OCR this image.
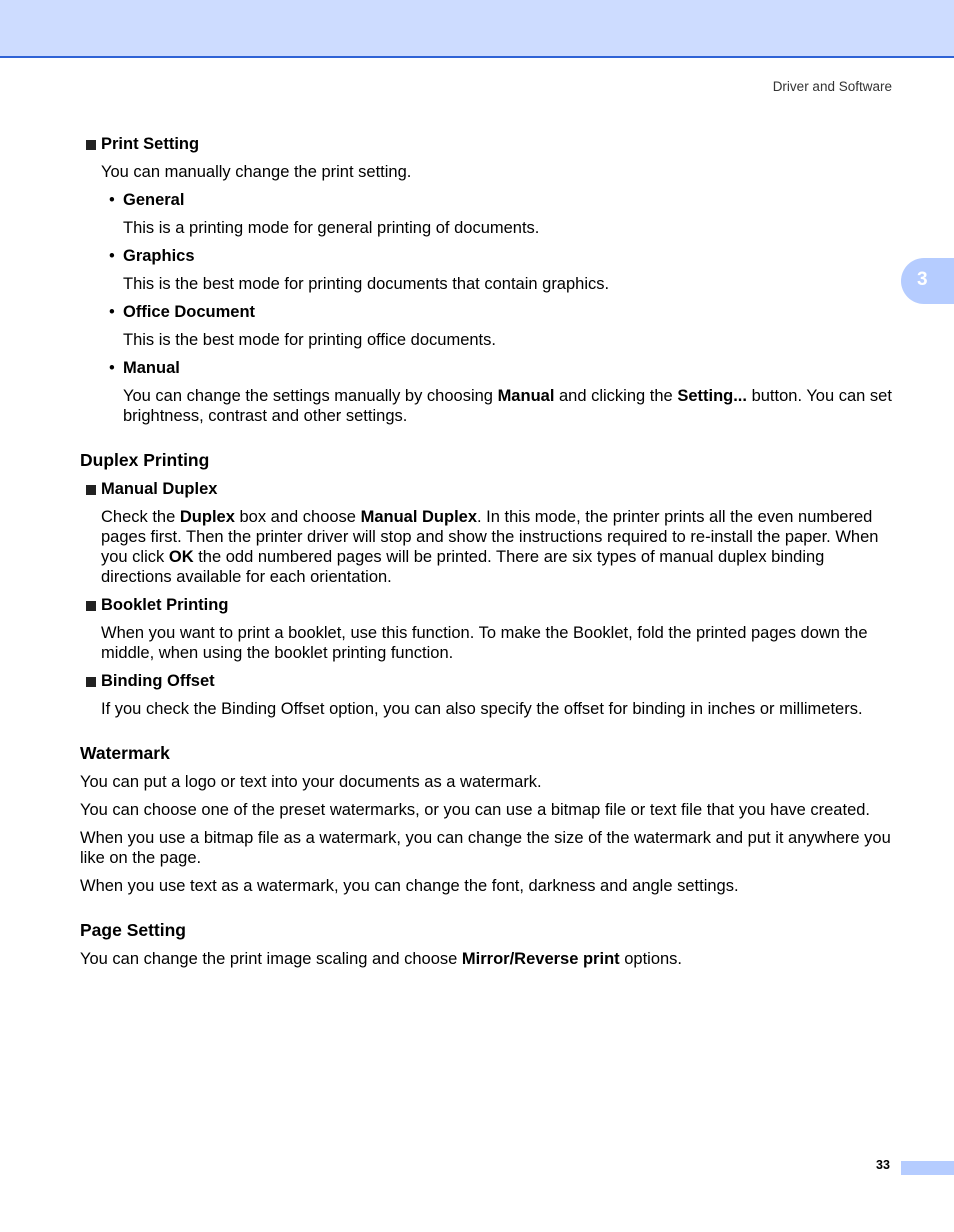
Driver and Software
3
Print Setting

You can manually change the print setting.

• General

This is a printing mode for general printing of documents.

• Graphics

This is the best mode for printing documents that contain graphics.

• Office Document

This is the best mode for printing office documents.

• Manual

You can change the settings manually by choosing Manual and clicking the Setting... button. You can set brightness, contrast and other settings.

Duplex Printing
Manual Duplex

Check the Duplex box and choose Manual Duplex. In this mode, the printer prints all the even numbered pages first. Then the printer driver will stop and show the instructions required to re-install the paper. When you click OK the odd numbered pages will be printed. There are six types of manual duplex binding directions available for each orientation.

Booklet Printing

When you want to print a booklet, use this function. To make the Booklet, fold the printed pages down the middle, when using the booklet printing function.

Binding Offset

If you check the Binding Offset option, you can also specify the offset for binding in inches or millimeters.

Watermark

You can put a logo or text into your documents as a watermark.

You can choose one of the preset watermarks, or you can use a bitmap file or text file that you have created.

When you use a bitmap file as a watermark, you can change the size of the watermark and put it anywhere you like on the page.

When you use text as a watermark, you can change the font, darkness and angle settings.

Page Setting

You can change the print image scaling and choose Mirror/Reverse print options.

33
